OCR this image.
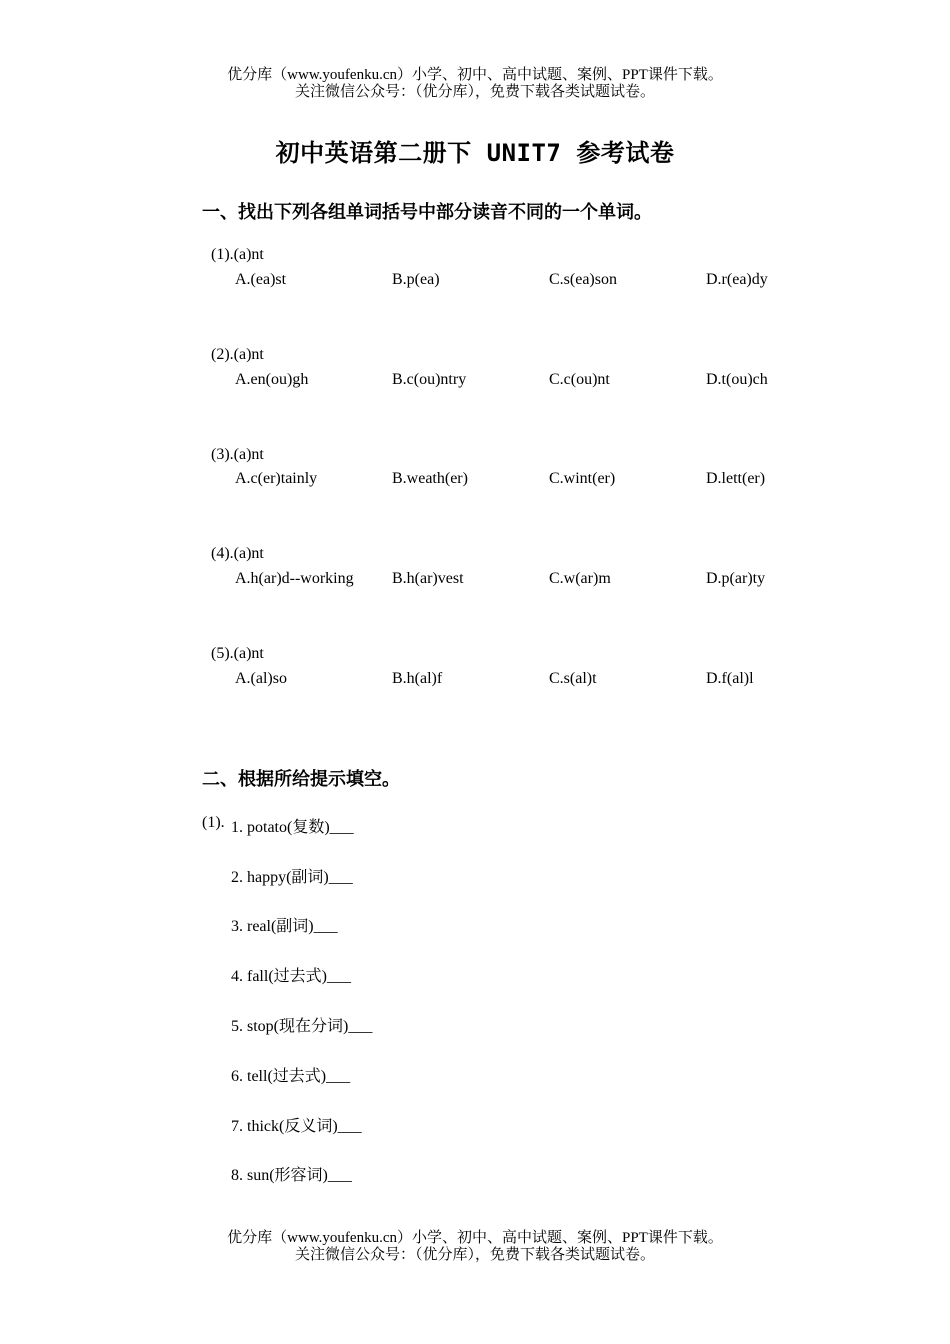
优分库（www.youfenku.cn）小学、初中、高中试题、案例、PPT课件下载。
关注微信公众号：（优分库），免费下载各类试题试卷。
初中英语第二册下 UNIT7 参考试卷
一、找出下列各组单词括号中部分读音不同的一个单词。
(1).(a)nt
A.(ea)st	B.p(ea)	C.s(ea)son	D.r(ea)dy
(2).(a)nt
A.en(ou)gh	B.c(ou)ntry	C.c(ou)nt	D.t(ou)ch
(3).(a)nt
A.c(er)tainly	B.weath(er)	C.wint(er)	D.lett(er)
(4).(a)nt
A.h(ar)d--working B.h(ar)vest	C.w(ar)m	D.p(ar)ty
(5).(a)nt
A.(al)so	B.h(al)f	C.s(al)t	D.f(al)l
二、根据所给提示填空。
(1). 1. potato(复数)___
2. happy(副词)___
3. real(副词)___
4. fall(过去式)___
5. stop(现在分词)___
6. tell(过去式)___
7. thick(反义词)___
8. sun(形容词)___
优分库（www.youfenku.cn）小学、初中、高中试题、案例、PPT课件下载。
关注微信公众号：（优分库），免费下载各类试题试卷。
